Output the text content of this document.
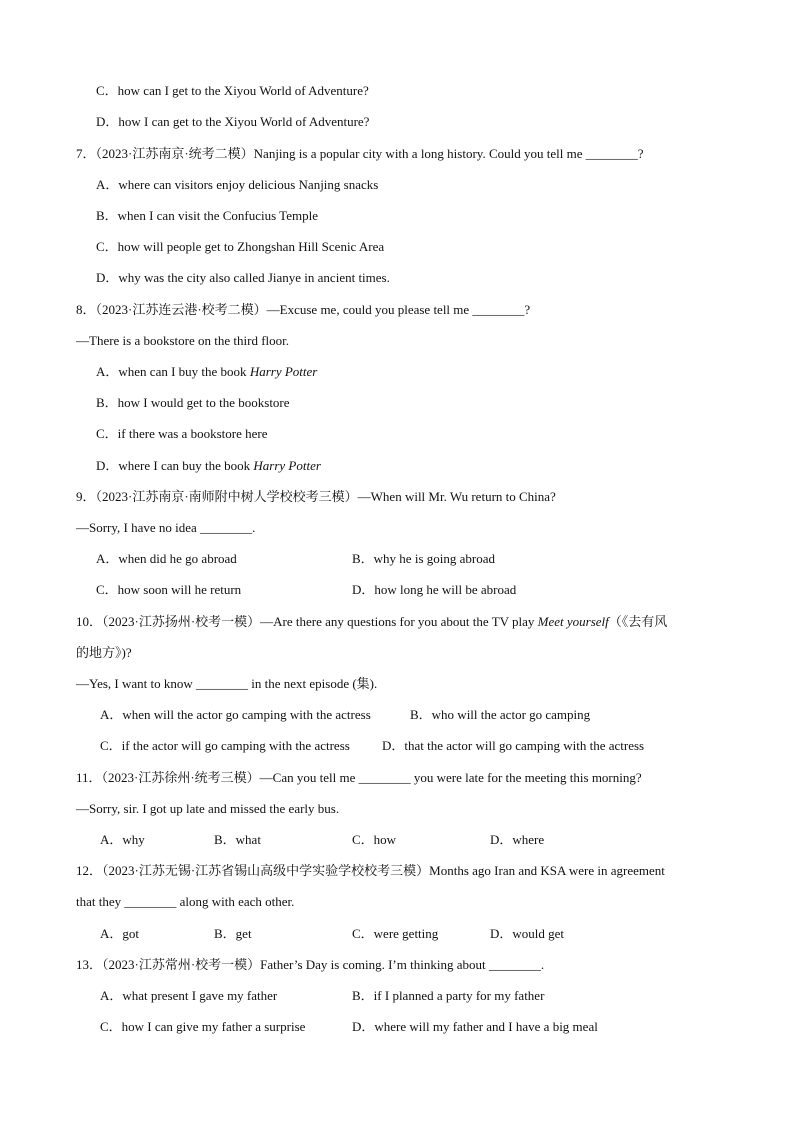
C．how can I get to the Xiyou World of Adventure?
D．how I can get to the Xiyou World of Adventure?
7．（2023·江苏南京·统考二模）Nanjing is a popular city with a long history. Could you tell me ________?
A．where can visitors enjoy delicious Nanjing snacks
B．when I can visit the Confucius Temple
C．how will people get to Zhongshan Hill Scenic Area
D．why was the city also called Jianye in ancient times.
8．（2023·江苏连云港·校考二模）—Excuse me, could you please tell me ________?
—There is a bookstore on the third floor.
A．when can I buy the book Harry Potter
B．how I would get to the bookstore
C．if there was a bookstore here
D．where I can buy the book Harry Potter
9．（2023·江苏南京·南师附中树人学校校考三模）—When will Mr. Wu return to China?
—Sorry, I have no idea ________.
A．when did he go abroad	B．why he is going abroad
C．how soon will he return	D．how long he will be abroad
10．（2023·江苏扬州·校考一模）—Are there any questions for you about the TV play Meet yourself（《去有风
的地方》)?
—Yes, I want to know ________ in the next episode (集).
A．when will the actor go camping with the actress	B．who will the actor go camping
C．if the actor will go camping with the actress D．that the actor will go camping with the actress
11．（2023·江苏徐州·统考三模）—Can you tell me ________ you were late for the meeting this morning?
—Sorry, sir. I got up late and missed the early bus.
A．why	B．what	C．how	D．where
12．（2023·江苏无锡·江苏省锡山高级中学实验学校校考三模）Months ago Iran and KSA were in agreement
that they ________ along with each other.
A．got	B．get	C．were getting	D．would get
13．（2023·江苏常州·校考一模）Father’s Day is coming. I’m thinking about ________.
A．what present I gave my father	B．if I planned a party for my father
C．how I can give my father a surprise	D．where will my father and I have a big meal
